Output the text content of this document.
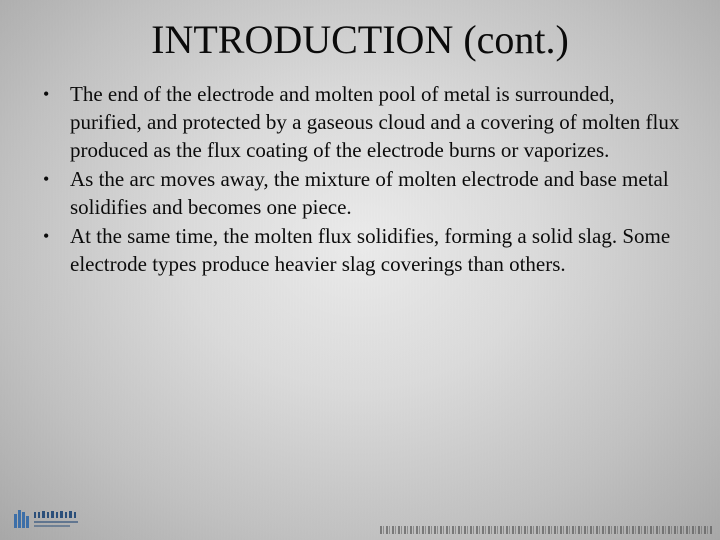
INTRODUCTION (cont.)
• The end of the electrode and molten pool of metal is surrounded, purified, and protected by a gaseous cloud and a covering of molten flux produced as the flux coating of the electrode burns or vaporizes.
• As the arc moves away, the mixture of molten electrode and base metal solidifies and becomes one piece.
• At the same time, the molten flux solidifies, forming a solid slag. Some electrode types produce heavier slag coverings than others.
